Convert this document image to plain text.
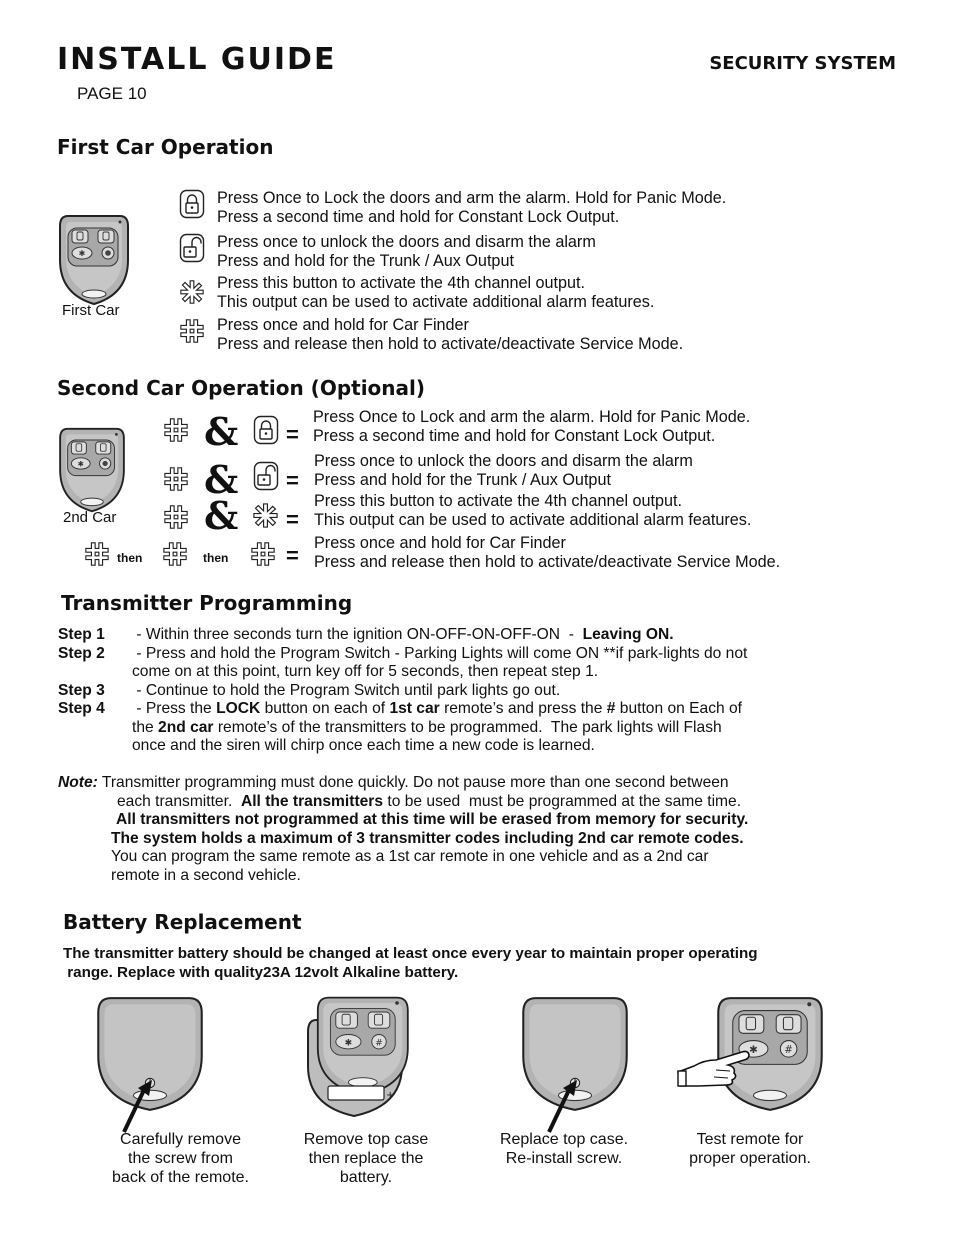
INSTALL GUIDE	SECURITY SYSTEM
PAGE 10
First Car Operation
First Car
Press Once to Lock the doors and arm the alarm. Hold for Panic Mode.
Press a second time and hold for Constant Lock Output.
Press once to unlock the doors and disarm the alarm
Press and hold for the Trunk / Aux Output
Press this button to activate the 4th channel output.
This output can be used to activate additional alarm features.
Press once and hold for Car Finder
Press and release then hold to activate/deactivate Service Mode.
Second Car Operation (Optional)
2nd Car
& =
Press Once to Lock and arm the alarm. Hold for Panic Mode.
Press a second time and hold for Constant Lock Output.
& =
Press once to unlock the doors and disarm the alarm
Press and hold for the Trunk / Aux Output
& =
Press this button to activate the 4th channel output.
This output can be used to activate additional alarm features.
then	then	= Press once and hold for Car Finder
Press and release then hold to activate/deactivate Service Mode.
Transmitter Programming
Step 1 - Within three seconds turn the ignition ON-OFF-ON-OFF-ON  -  Leaving ON.
Step 2 - Press and hold the Program Switch - Parking Lights will come ON **if park-lights do not
come on at this point, turn key off for 5 seconds, then repeat step 1.
Step 3 - Continue to hold the Program Switch until park lights go out.
Step 4 - Press the LOCK button on each of 1st car remote’s and press the # button on Each of
the 2nd car remote’s of the transmitters to be programmed.  The park lights will Flash
once and the siren will chirp once each time a new code is learned.
Note: Transmitter programming must done quickly. Do not pause more than one second between
each transmitter.  All the transmitters to be used  must be programmed at the same time.
All transmitters not programmed at this time will be erased from memory for security.
The system holds a maximum of 3 transmitter codes including 2nd car remote codes.
You can program the same remote as a 1st car remote in one vehicle and as a 2nd car
remote in a second vehicle.
Battery Replacement
The transmitter battery should be changed at least once every year to maintain proper operating
range. Replace with quality23A 12volt Alkaline battery.
+
Carefully remove
the screw from
back of the remote.
Remove top case
then replace the
battery.
Replace top case.
Re-install screw.
Test remote for
proper operation.
